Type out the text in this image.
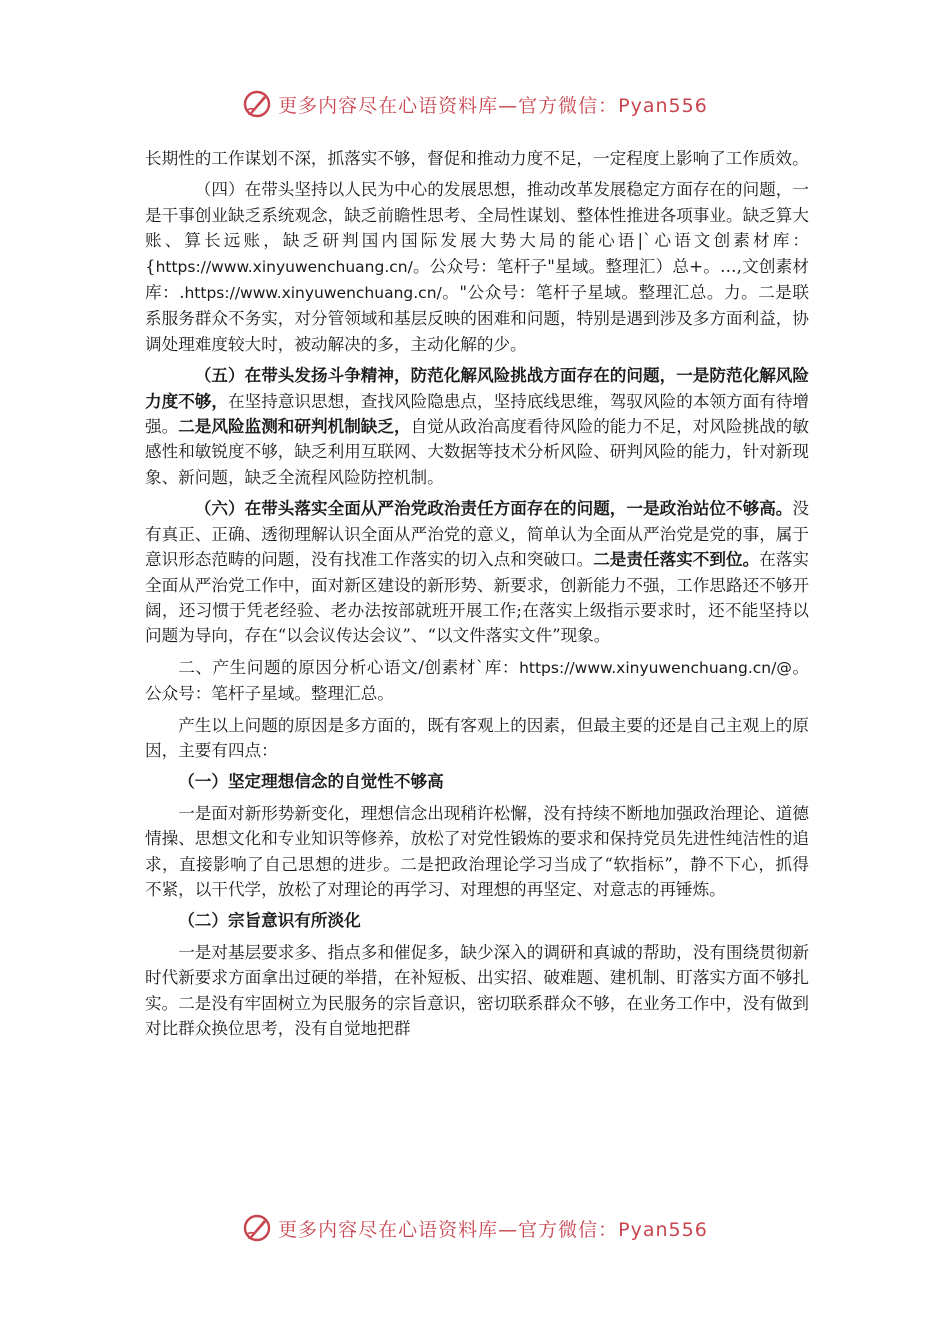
更多内容尽在心语资料库—官方微信：Pyan556

长期性的工作谋划不深，抓落实不够，督促和推动力度不足，一定程度上影响了工作质效。

（四）在带头坚持以人民为中心的发展思想，推动改革发展稳定方面存在的问题，一是干事创业缺乏系统观念，缺乏前瞻性思考、全局性谋划、整体性推进各项事业。缺乏算大账、算长远账，缺乏研判国内国际发展大势大局的能心语|`心语文创素材库：{https://www.xinyuwenchuang.cn/。公众号：笔杆子"星域。整理汇）总+。…,文创素材库：.https://www.xinyuwenchuang.cn/。"公众号：笔杆子星域。整理汇总。力。二是联系服务群众不务实，对分管领域和基层反映的困难和问题，特别是遇到涉及多方面利益，协调处理难度较大时，被动解决的多，主动化解的少。

（五）在带头发扬斗争精神，防范化解风险挑战方面存在的问题，一是防范化解风险力度不够，在坚持意识思想，查找风险隐患点，坚持底线思维，驾驭风险的本领方面有待增强。二是风险监测和研判机制缺乏，自觉从政治高度看待风险的能力不足，对风险挑战的敏感性和敏锐度不够，缺乏利用互联网、大数据等技术分析风险、研判风险的能力，针对新现象、新问题，缺乏全流程风险防控机制。

（六）在带头落实全面从严治党政治责任方面存在的问题，一是政治站位不够高。没有真正、正确、透彻理解认识全面从严治党的意义，简单认为全面从严治党是党的事，属于意识形态范畴的问题，没有找准工作落实的切入点和突破口。二是责任落实不到位。在落实全面从严治党工作中，面对新区建设的新形势、新要求，创新能力不强，工作思路还不够开阔，还习惯于凭老经验、老办法按部就班开展工作;在落实上级指示要求时，还不能坚持以问题为导向，存在“以会议传达会议”、“以文件落实文件”现象。

二、产生问题的原因分析心语文/创素材`库：https://www.xinyuwenchuang.cn/@。公众号：笔杆子星域。整理汇总。

产生以上问题的原因是多方面的，既有客观上的因素，但最主要的还是自己主观上的原因，主要有四点：

（一）坚定理想信念的自觉性不够高

一是面对新形势新变化，理想信念出现稍许松懈，没有持续不断地加强政治理论、道德情操、思想文化和专业知识等修养，放松了对党性锻炼的要求和保持党员先进性纯洁性的追求，直接影响了自己思想的进步。二是把政治理论学习当成了“软指标”，静不下心，抓得不紧，以干代学，放松了对理论的再学习、对理想的再坚定、对意志的再锤炼。

（二）宗旨意识有所淡化

一是对基层要求多、指点多和催促多，缺少深入的调研和真诚的帮助，没有围绕贯彻新时代新要求方面拿出过硬的举措，在补短板、出实招、破难题、建机制、盯落实方面不够扎实。二是没有牢固树立为民服务的宗旨意识，密切联系群众不够，在业务工作中，没有做到对比群众换位思考，没有自觉地把群

更多内容尽在心语资料库—官方微信：Pyan556
